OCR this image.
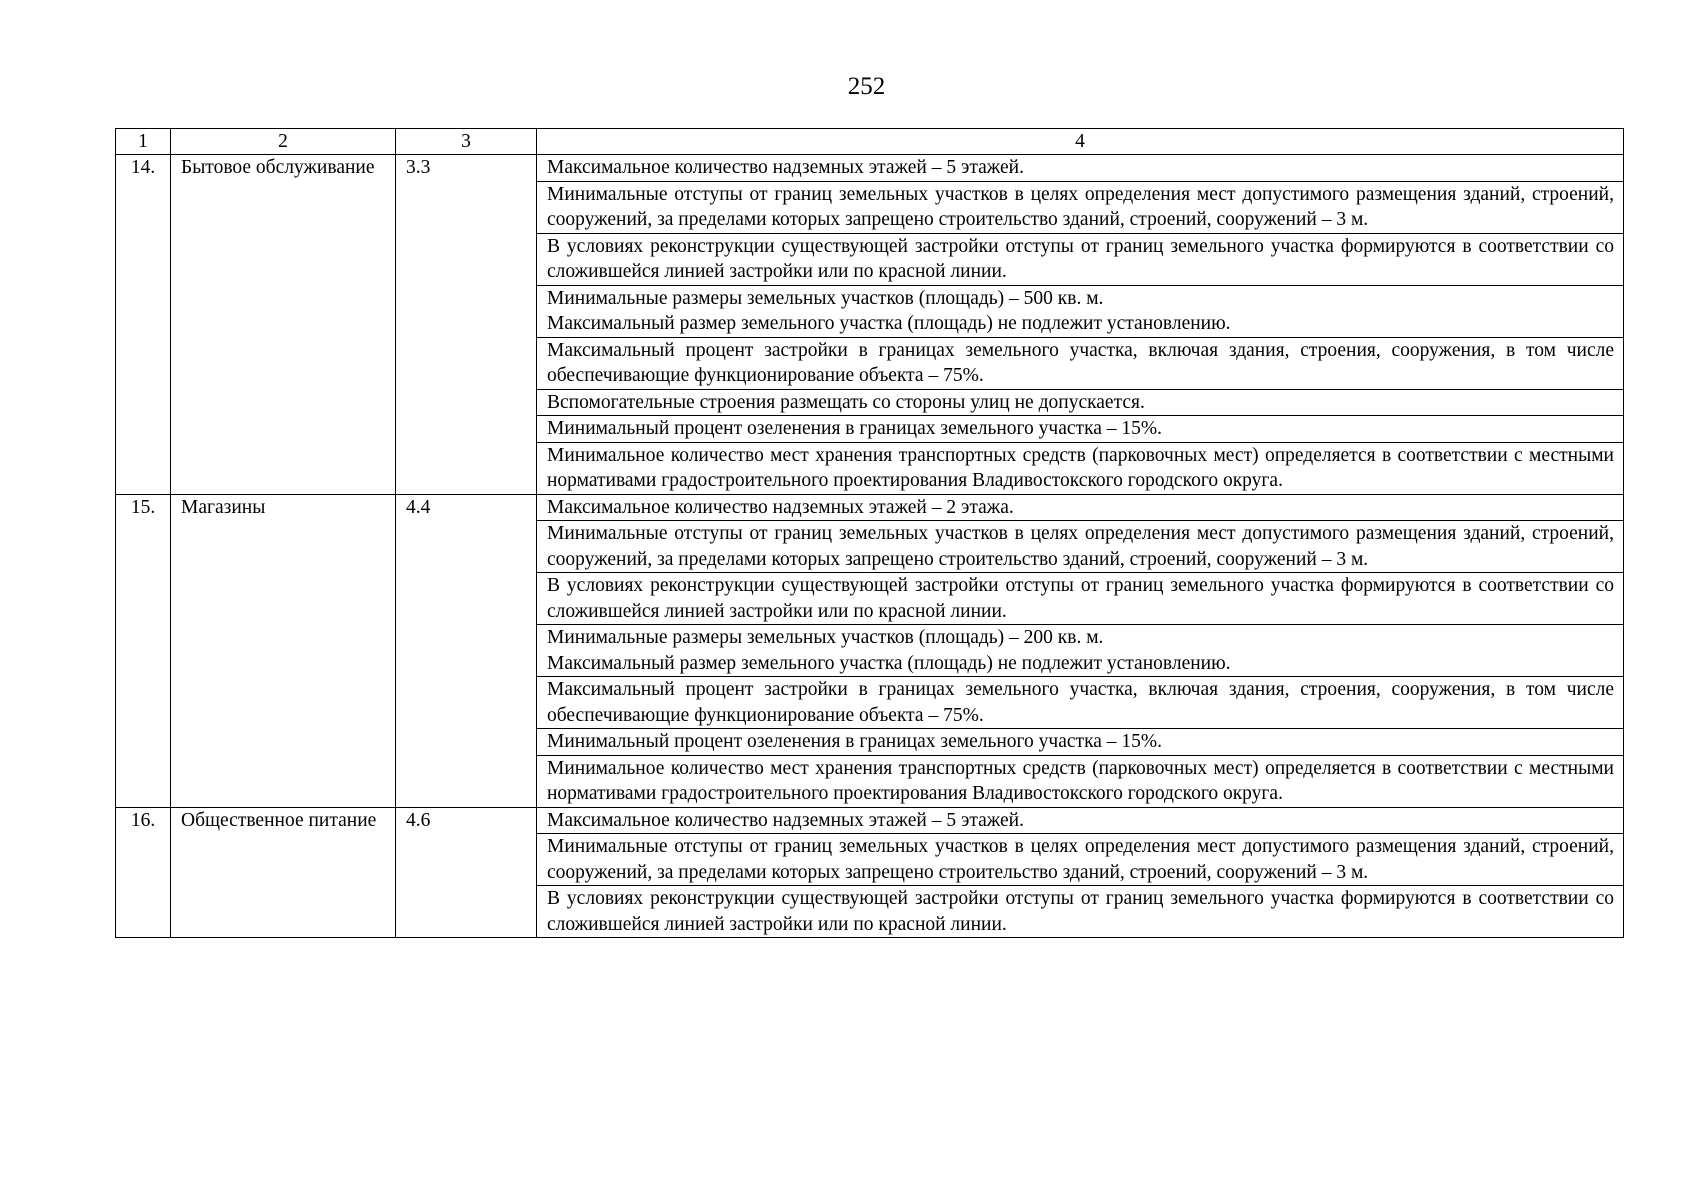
252
1	2	3	4
14.	Бытовое обслуживание	3.3	Максимальное количество надземных этажей – 5 этажей.

			Минимальные отступы от границ земельных участков в целях определения мест допустимого размещения зданий, строений, сооружений, за пределами которых запрещено строительство зданий, строений, сооружений – 3 м.

			В условиях реконструкции существующей застройки отступы от границ земельного участка формируются в соответствии со сложившейся линией застройки или по красной линии.

			Минимальные размеры земельных участков (площадь) – 500 кв. м.
Максимальный размер земельного участка (площадь) не подлежит установлению.

			Максимальный процент застройки в границах земельного участка, включая здания, строения, сооружения, в том числе обеспечивающие функционирование объекта – 75%.

			Вспомогательные строения размещать со стороны улиц не допускается.

			Минимальный процент озеленения в границах земельного участка – 15%.

			Минимальное количество мест хранения транспортных средств (парковочных мест) определяется в соответствии с местными нормативами градостроительного проектирования Владивостокского городского округа.

15.	Магазины	4.4	Максимальное количество надземных этажей – 2 этажа.

			Минимальные отступы от границ земельных участков в целях определения мест допустимого размещения зданий, строений, сооружений, за пределами которых запрещено строительство зданий, строений, сооружений – 3 м.

			В условиях реконструкции существующей застройки отступы от границ земельного участка формируются в соответствии со сложившейся линией застройки или по красной линии.

			Минимальные размеры земельных участков (площадь) – 200 кв. м.
Максимальный размер земельного участка (площадь) не подлежит установлению.

			Максимальный процент застройки в границах земельного участка, включая здания, строения, сооружения, в том числе обеспечивающие функционирование объекта – 75%.

			Минимальный процент озеленения в границах земельного участка – 15%.

			Минимальное количество мест хранения транспортных средств (парковочных мест) определяется в соответствии с местными нормативами градостроительного проектирования Владивостокского городского округа.

16.	Общественное питание	4.6	Максимальное количество надземных этажей – 5 этажей.

			Минимальные отступы от границ земельных участков в целях определения мест допустимого размещения зданий, строений, сооружений, за пределами которых запрещено строительство зданий, строений, сооружений – 3 м.

			В условиях реконструкции существующей застройки отступы от границ земельного участка формируются в соответствии со сложившейся линией застройки или по красной линии.
